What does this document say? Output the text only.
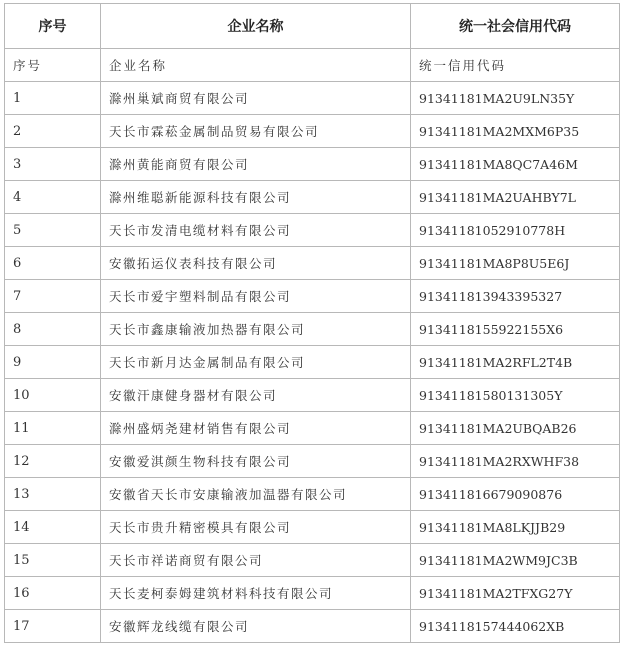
序号	企业名称	统一社会信用代码
序号	企业名称	统一信用代码
1	滁州巢斌商贸有限公司	91341181MA2U9LN35Y
2	天长市霖菘金属制品贸易有限公司	91341181MA2MXM6P35
3	滁州黄能商贸有限公司	91341181MA8QC7A46M
4	滁州维聪新能源科技有限公司	91341181MA2UAHBY7L
5	天长市发清电缆材料有限公司	91341181052910778H
6	安徽拓运仪表科技有限公司	91341181MA8P8U5E6J
7	天长市爱宇塑料制品有限公司	913411813943395327
8	天长市鑫康输液加热器有限公司	9134118155922155X6
9	天长市新月达金属制品有限公司	91341181MA2RFL2T4B
10	安徽汗康健身器材有限公司	91341181580131305Y
11	滁州盛炳尧建材销售有限公司	91341181MA2UBQAB26
12	安徽爱淇颜生物科技有限公司	91341181MA2RXWHF38
13	安徽省天长市安康输液加温器有限公司	913411816679090876
14	天长市贵升精密模具有限公司	91341181MA8LKJJB29
15	天长市祥诺商贸有限公司	91341181MA2WM9JC3B
16	天长麦柯泰姆建筑材料科技有限公司	91341181MA2TFXG27Y
17	安徽辉龙线缆有限公司	9134118157444062XB
